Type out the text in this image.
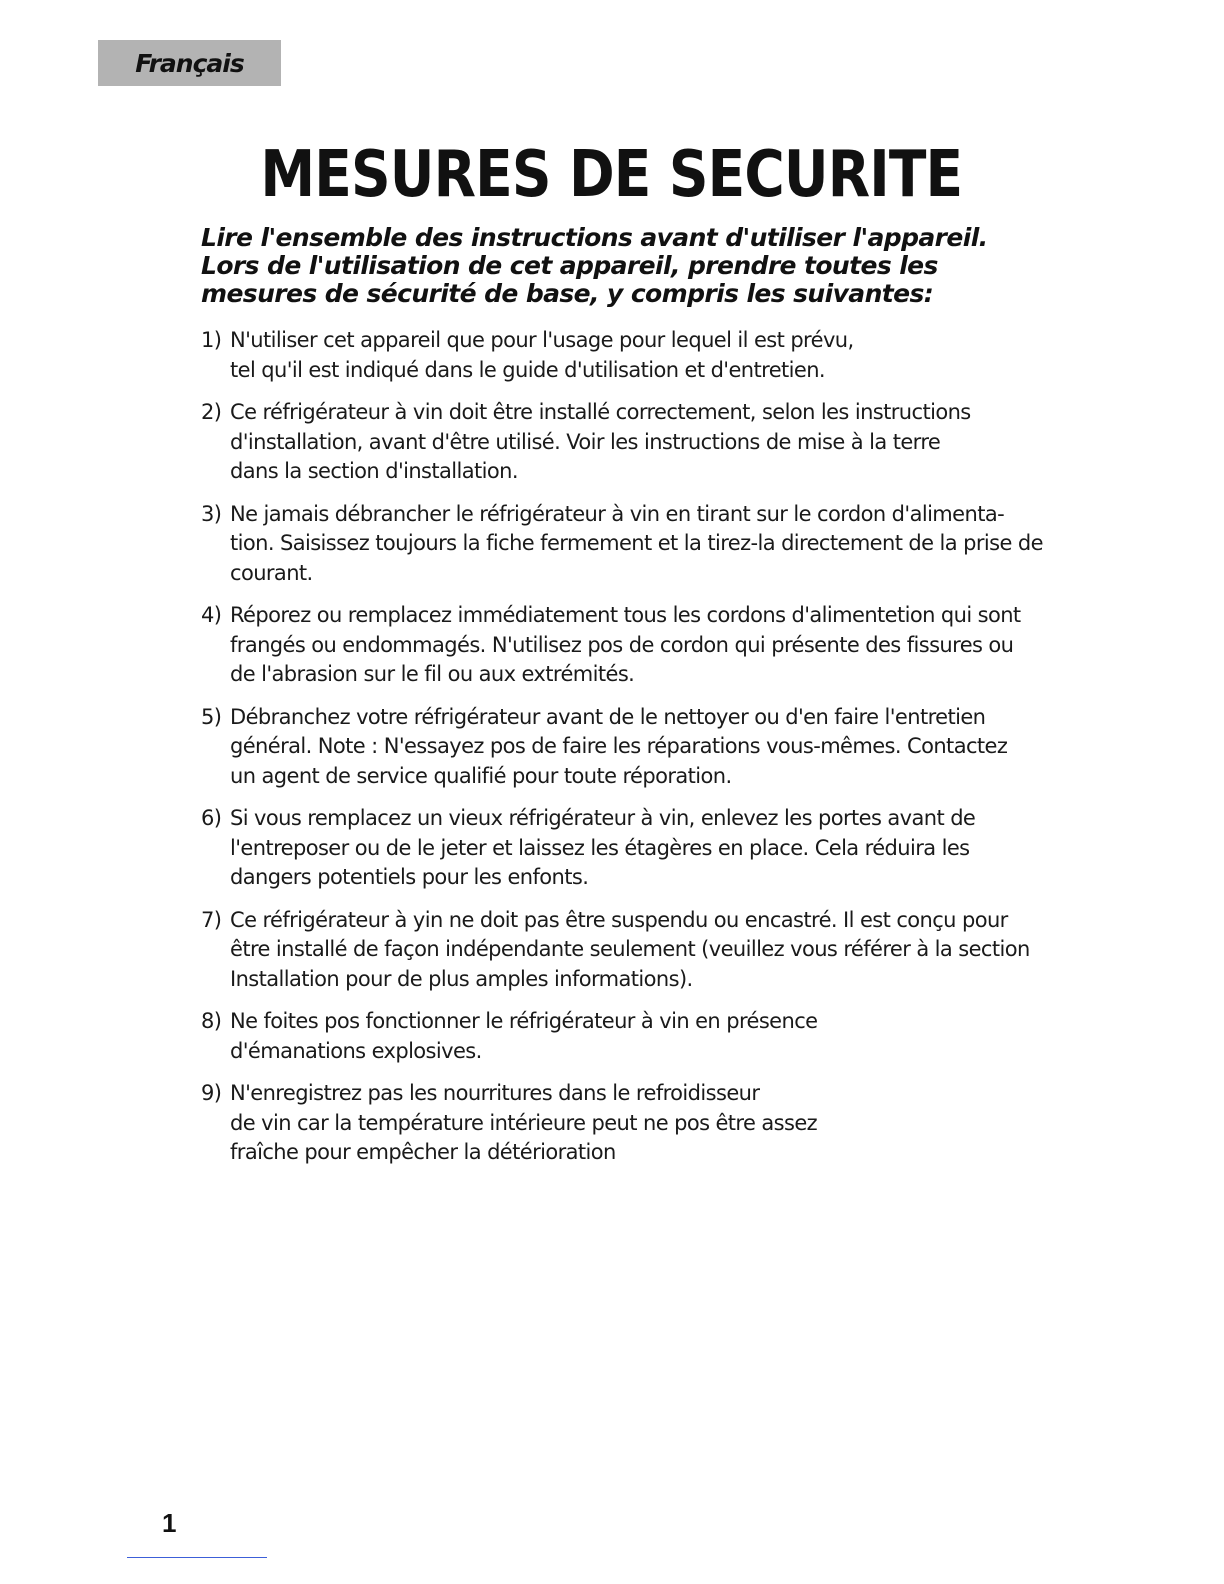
Français
MESURES DE SECURITE
Lire l'ensemble des instructions avant d'utiliser l'appareil.
Lors de l'utilisation de cet appareil, prendre toutes les
mesures de sécurité de base, y compris les suivantes:
1) N'utiliser cet appareil que pour l'usage pour lequel il est prévu,
tel qu'il est indiqué dans le guide d'utilisation et d'entretien.
2) Ce réfrigérateur à vin doit être installé correctement, selon les instructions
d'installation, avant d'être utilisé. Voir les instructions de mise à la terre
dans la section d'installation.
3) Ne jamais débrancher le réfrigérateur à vin en tirant sur le cordon d'alimenta-
tion. Saisissez toujours la fiche fermement et la tirez-la directement de la prise de
courant.
4) Réporez ou remplacez immédiatement tous les cordons d'alimentetion qui sont
frangés ou endommagés. N'utilisez pos de cordon qui présente des fissures ou
de l'abrasion sur le fil ou aux extrémités.
5) Débranchez votre réfrigérateur avant de le nettoyer ou d'en faire l'entretien
général. Note : N'essayez pos de faire les réparations vous-mêmes. Contactez
un agent de service qualifié pour toute réporation.
6) Si vous remplacez un vieux réfrigérateur à vin, enlevez les portes avant de
l'entreposer ou de le jeter et laissez les étagères en place. Cela réduira les
dangers potentiels pour les enfonts.
7) Ce réfrigérateur à yin ne doit pas être suspendu ou encastré. Il est conçu pour
être installé de façon indépendante seulement (veuillez vous référer à la section
Installation pour de plus amples informations).
8) Ne foites pos fonctionner le réfrigérateur à vin en présence
d'émanations explosives.
9) N'enregistrez pas les nourritures dans le refroidisseur
de vin car la température intérieure peut ne pos être assez
fraîche pour empêcher la détérioration
1
